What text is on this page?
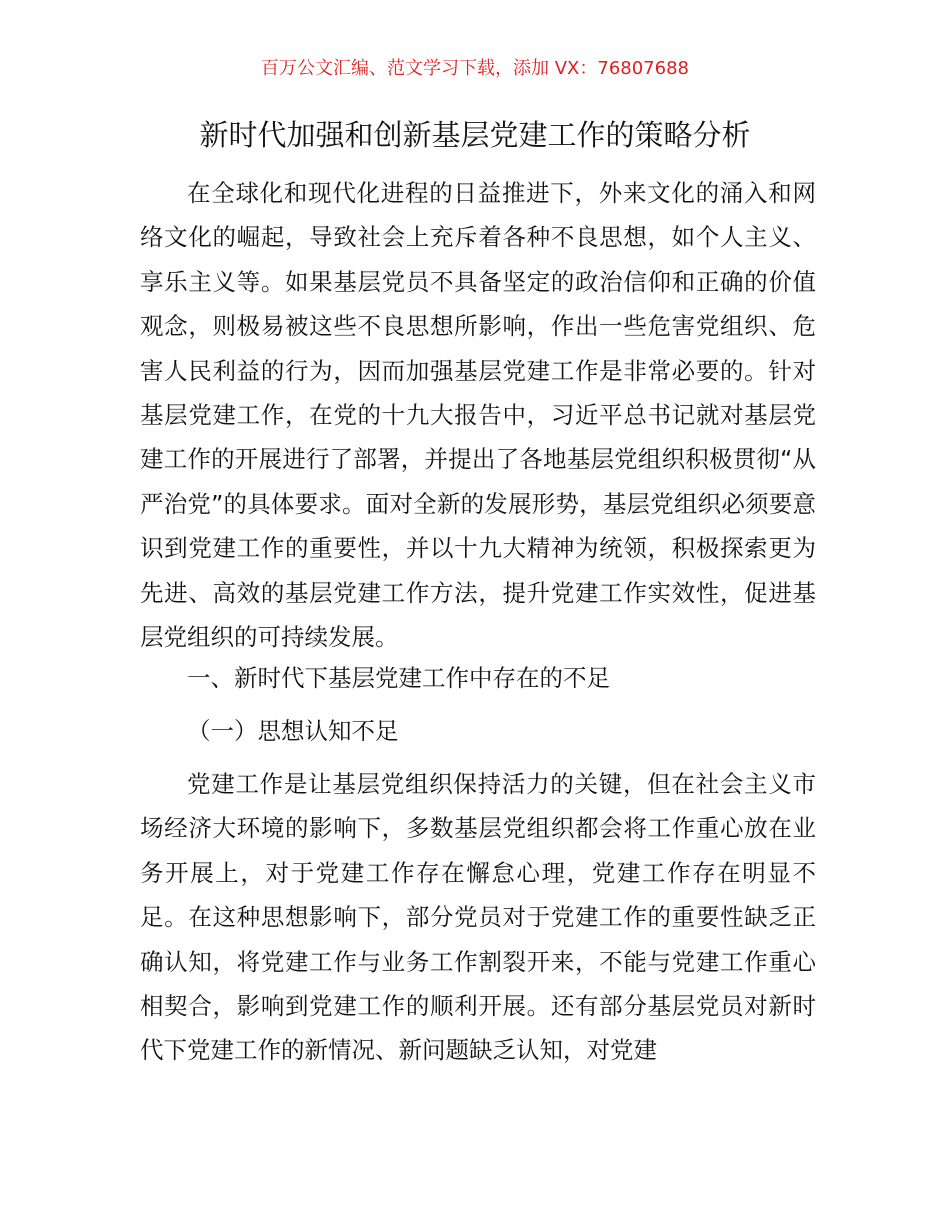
百万公文汇编、范文学习下载，添加 VX：76807688
新时代加强和创新基层党建工作的策略分析

在全球化和现代化进程的日益推进下，外来文化的涌入和网络文化的崛起，导致社会上充斥着各种不良思想，如个人主义、享乐主义等。如果基层党员不具备坚定的政治信仰和正确的价值观念，则极易被这些不良思想所影响，作出一些危害党组织、危害人民利益的行为，因而加强基层党建工作是非常必要的。针对基层党建工作，在党的十九大报告中，习近平总书记就对基层党建工作的开展进行了部署，并提出了各地基层党组织积极贯彻“从严治党”的具体要求。面对全新的发展形势，基层党组织必须要意识到党建工作的重要性，并以十九大精神为统领，积极探索更为先进、高效的基层党建工作方法，提升党建工作实效性，促进基层党组织的可持续发展。

一、新时代下基层党建工作中存在的不足
（一）思想认知不足

党建工作是让基层党组织保持活力的关键，但在社会主义市场经济大环境的影响下，多数基层党组织都会将工作重心放在业务开展上，对于党建工作存在懈怠心理，党建工作存在明显不足。在这种思想影响下，部分党员对于党建工作的重要性缺乏正确认知，将党建工作与业务工作割裂开来，不能与党建工作重心相契合，影响到党建工作的顺利开展。还有部分基层党员对新时代下党建工作的新情况、新问题缺乏认知，对党建
